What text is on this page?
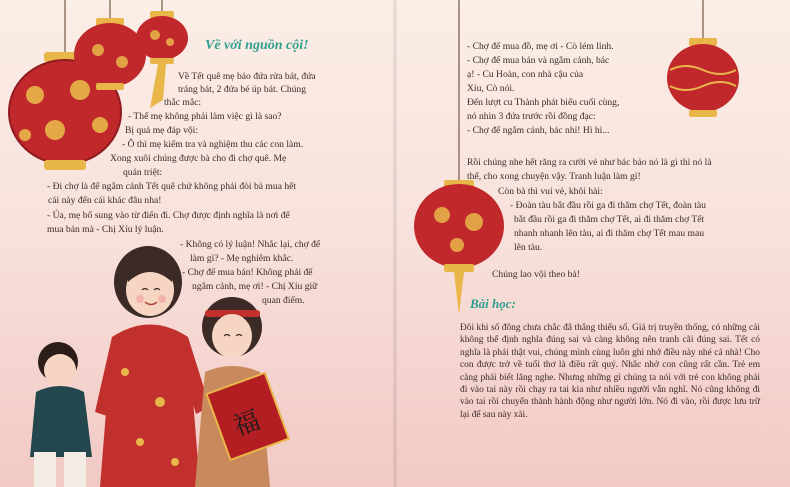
Về với nguồn cội!

Về Tết quê mẹ bảo đứa rửa bát, đứa

tráng bát, 2 đứa bé úp bát. Chúng

thắc mắc:

- Thế mẹ không phải làm việc gì là sao?

Bị quả mẹ đáp vội:

- Ô thì mẹ kiểm tra và nghiệm thu các con làm.

Xong xuôi chúng được bà cho đi chợ quê. Mẹ

quán triệt:

- Đi chợ là để ngắm cảnh Tết quê chứ không phải đòi bà mua hết

cái này đến cái khác đâu nha!

- Ủa, mẹ bổ sung vào từ điển đi. Chợ được định nghĩa là nơi để

mua bán mà - Chị Xíu lý luận.

- Không có lý luận! Nhắc lại, chợ để

làm gì? - Mẹ nghiêm khắc.

- Chợ để mua bán! Không phải để

ngắm cảnh, mẹ ơi! - Chị Xíu giữ

quan điểm.

福

- Chợ để mua đồ, mẹ ơi - Cò lém lỉnh.

- Chợ để mua bán và ngắm cảnh, bác

ạ! - Cu Hoàn, con nhà cậu của

Xíu, Cò nói.

Đến lượt cu Thành phát biểu cuối cùng,

nó nhìn 3 đứa trước rồi đồng đạc:

- Chợ để ngắm cảnh, bác nhỉ! Hì hì...

Rồi chúng nhe hết răng ra cười vẻ như bác bảo nó là gì thì nó là

thế, cho xong chuyện vậy. Tranh luận làm gì!

Còn bà thì vui vẻ, khôi hài:

- Đoàn tàu bắt đầu rồi ga đi thăm chợ Tết, đoàn tàu

bắt đầu rồi ga đi thăm chợ Tết, ai đi thăm chợ Tết

nhanh nhanh lên tàu, ai đi thăm chợ Tết mau mau

lên tàu.

Chúng lao vội theo bà!

Bài học:

Đôi khi số đông chưa chắc đã thắng thiểu số. Giá trị truyền thống, có những cái không thể định nghĩa đúng sai và càng không nên tranh cãi đúng sai. Tết có nghĩa là phải thật vui, chúng mình cùng luôn ghi nhớ điều này nhé cả nhà! Cho con được trở về tuổi thơ là điều rất quý. Nhắc nhở con cũng rất cần. Trẻ em càng phải biết lắng nghe. Nhưng những gì chúng ta nói với trẻ con không phải đi vào tai này rồi chạy ra tai kia như nhiều người vẫn nghĩ. Nó cũng không đi vào tai rồi chuyển thành hành động như người lớn. Nó đi vào, rồi được lưu trữ lại để sau này xài.
